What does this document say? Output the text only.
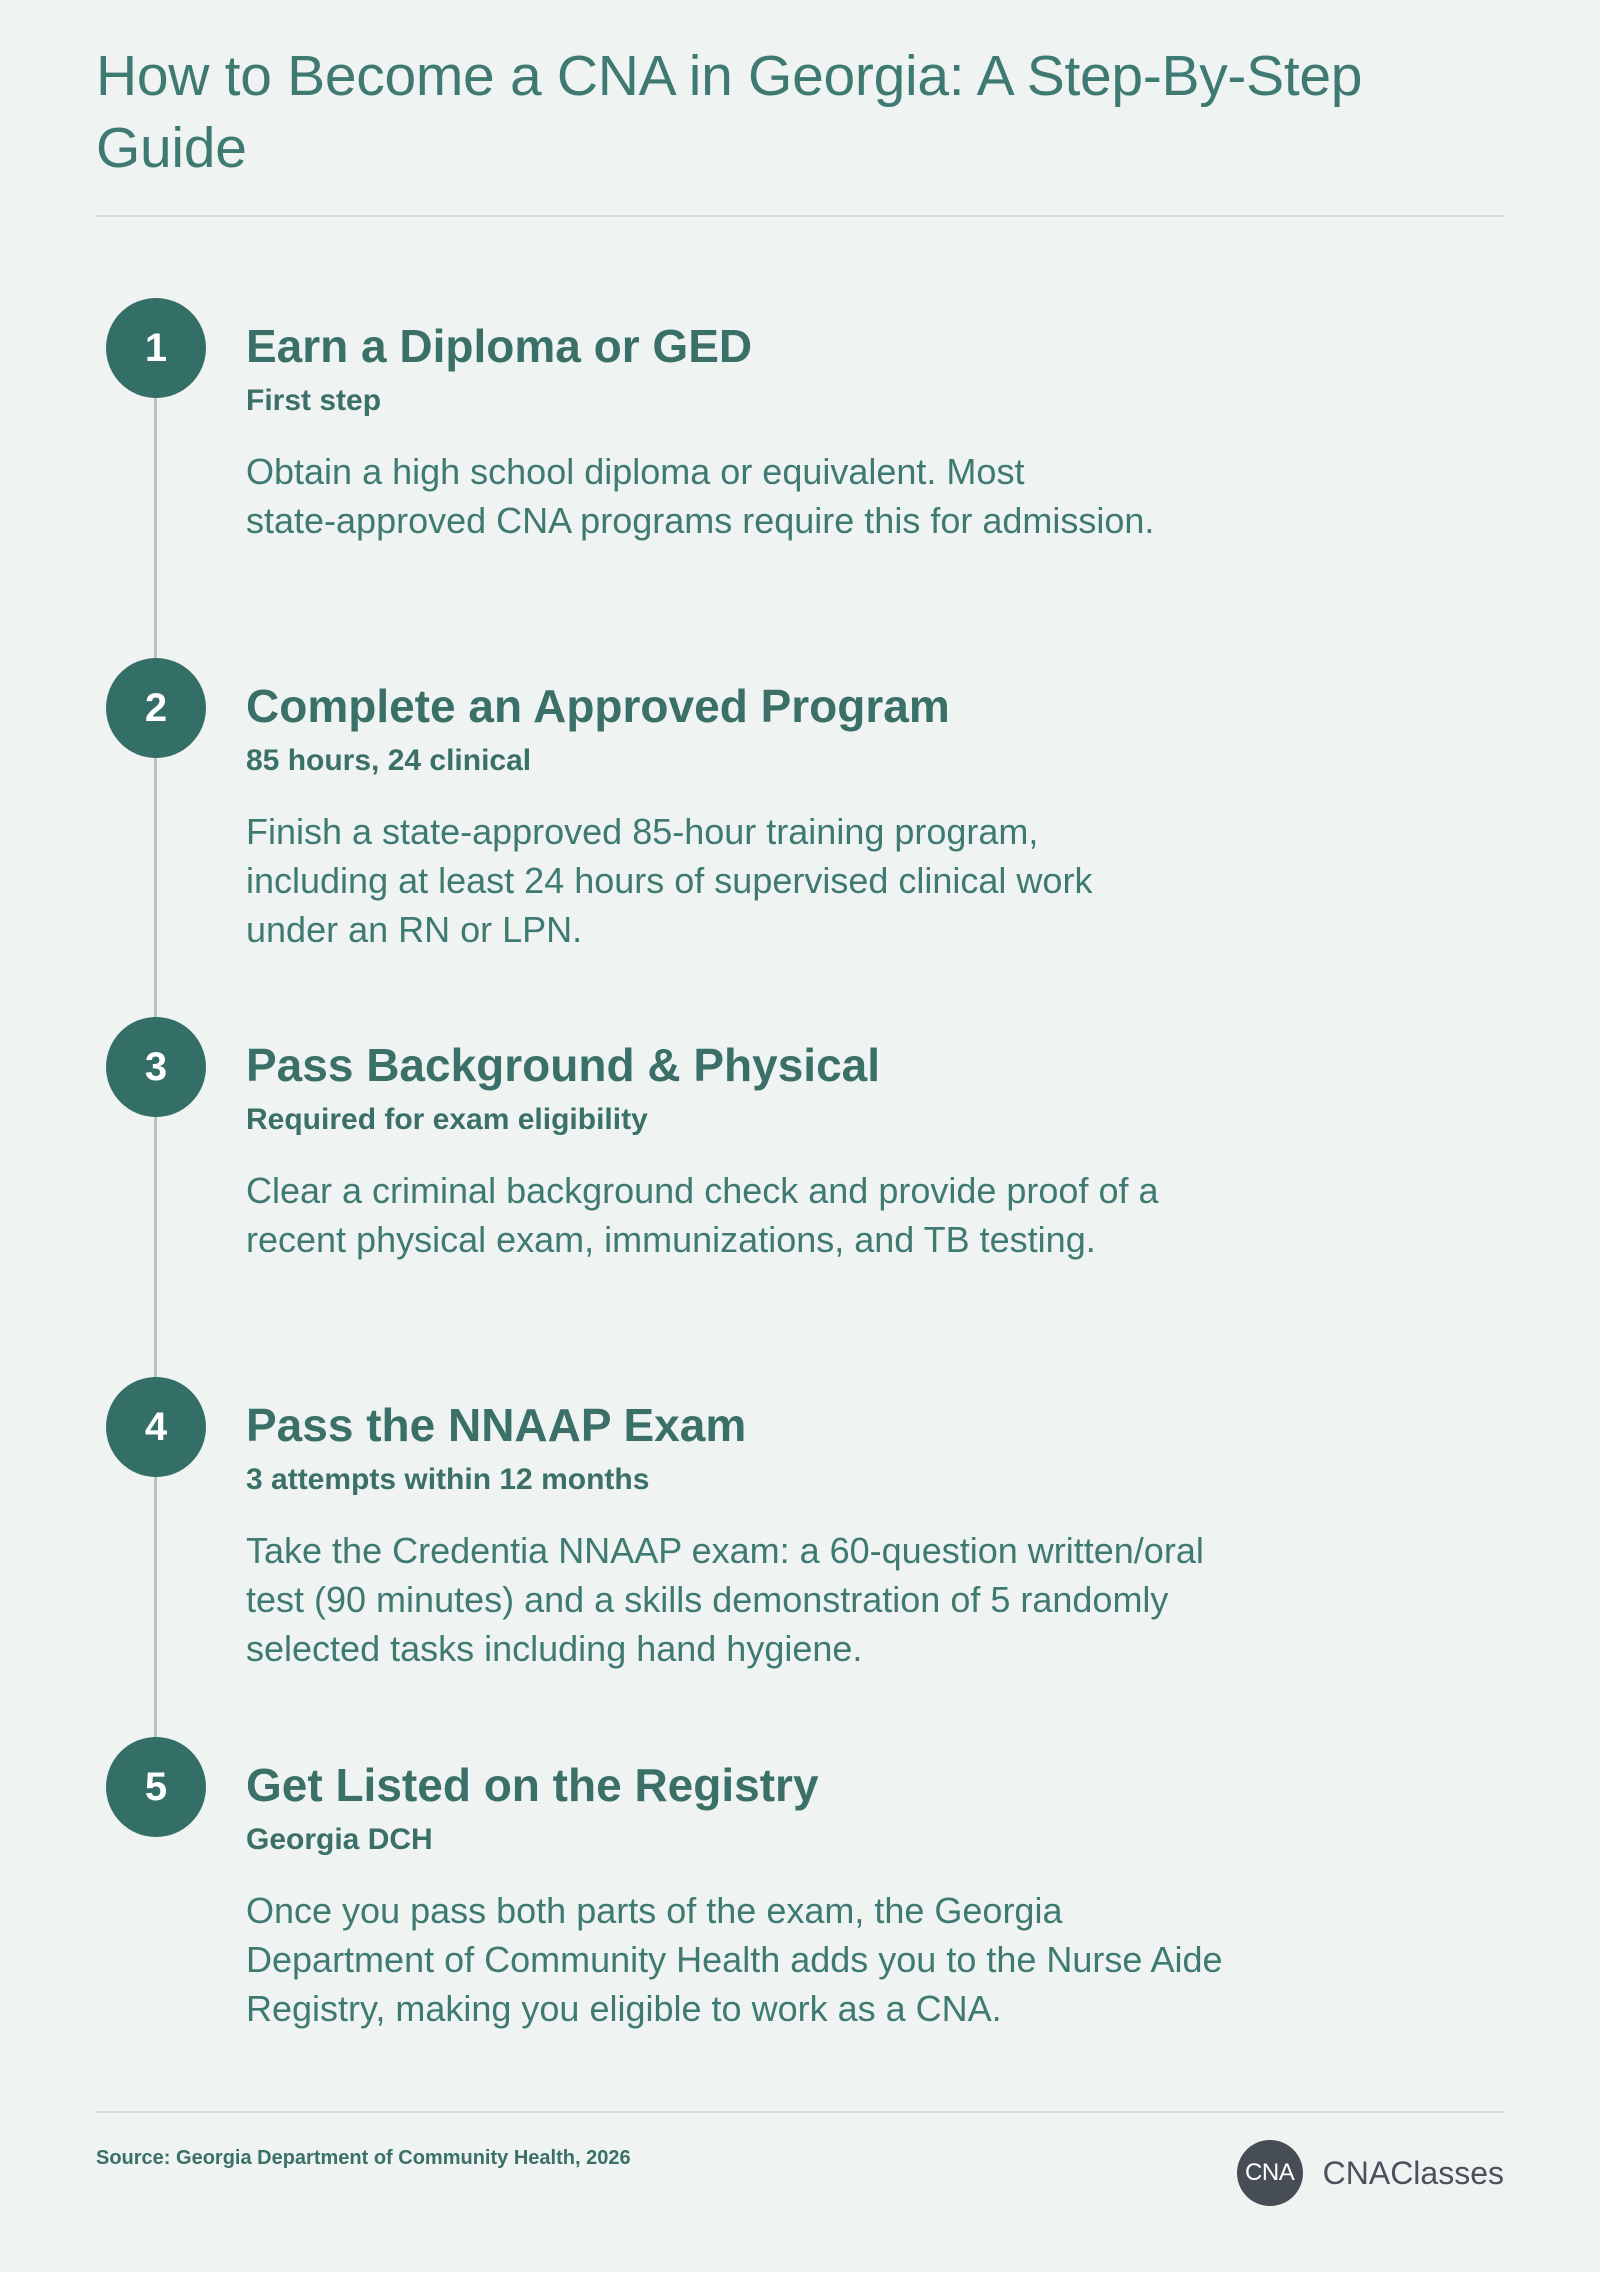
How to Become a CNA in Georgia: A Step-By-Step Guide
1	Earn a Diploma or GED
First step

Obtain a high school diploma or equivalent. Most
state-approved CNA programs require this for admission.

2	Complete an Approved Program
85 hours, 24 clinical

Finish a state-approved 85-hour training program,
including at least 24 hours of supervised clinical work
under an RN or LPN.

3	Pass Background & Physical
Required for exam eligibility

Clear a criminal background check and provide proof of a
recent physical exam, immunizations, and TB testing.

4	Pass the NNAAP Exam
3 attempts within 12 months

Take the Credentia NNAAP exam: a 60-question written/oral
test (90 minutes) and a skills demonstration of 5 randomly
selected tasks including hand hygiene.

5	Get Listed on the Registry
Georgia DCH

Once you pass both parts of the exam, the Georgia
Department of Community Health adds you to the Nurse Aide
Registry, making you eligible to work as a CNA.

Source: Georgia Department of Community Health, 2026
CNA CNAClasses
